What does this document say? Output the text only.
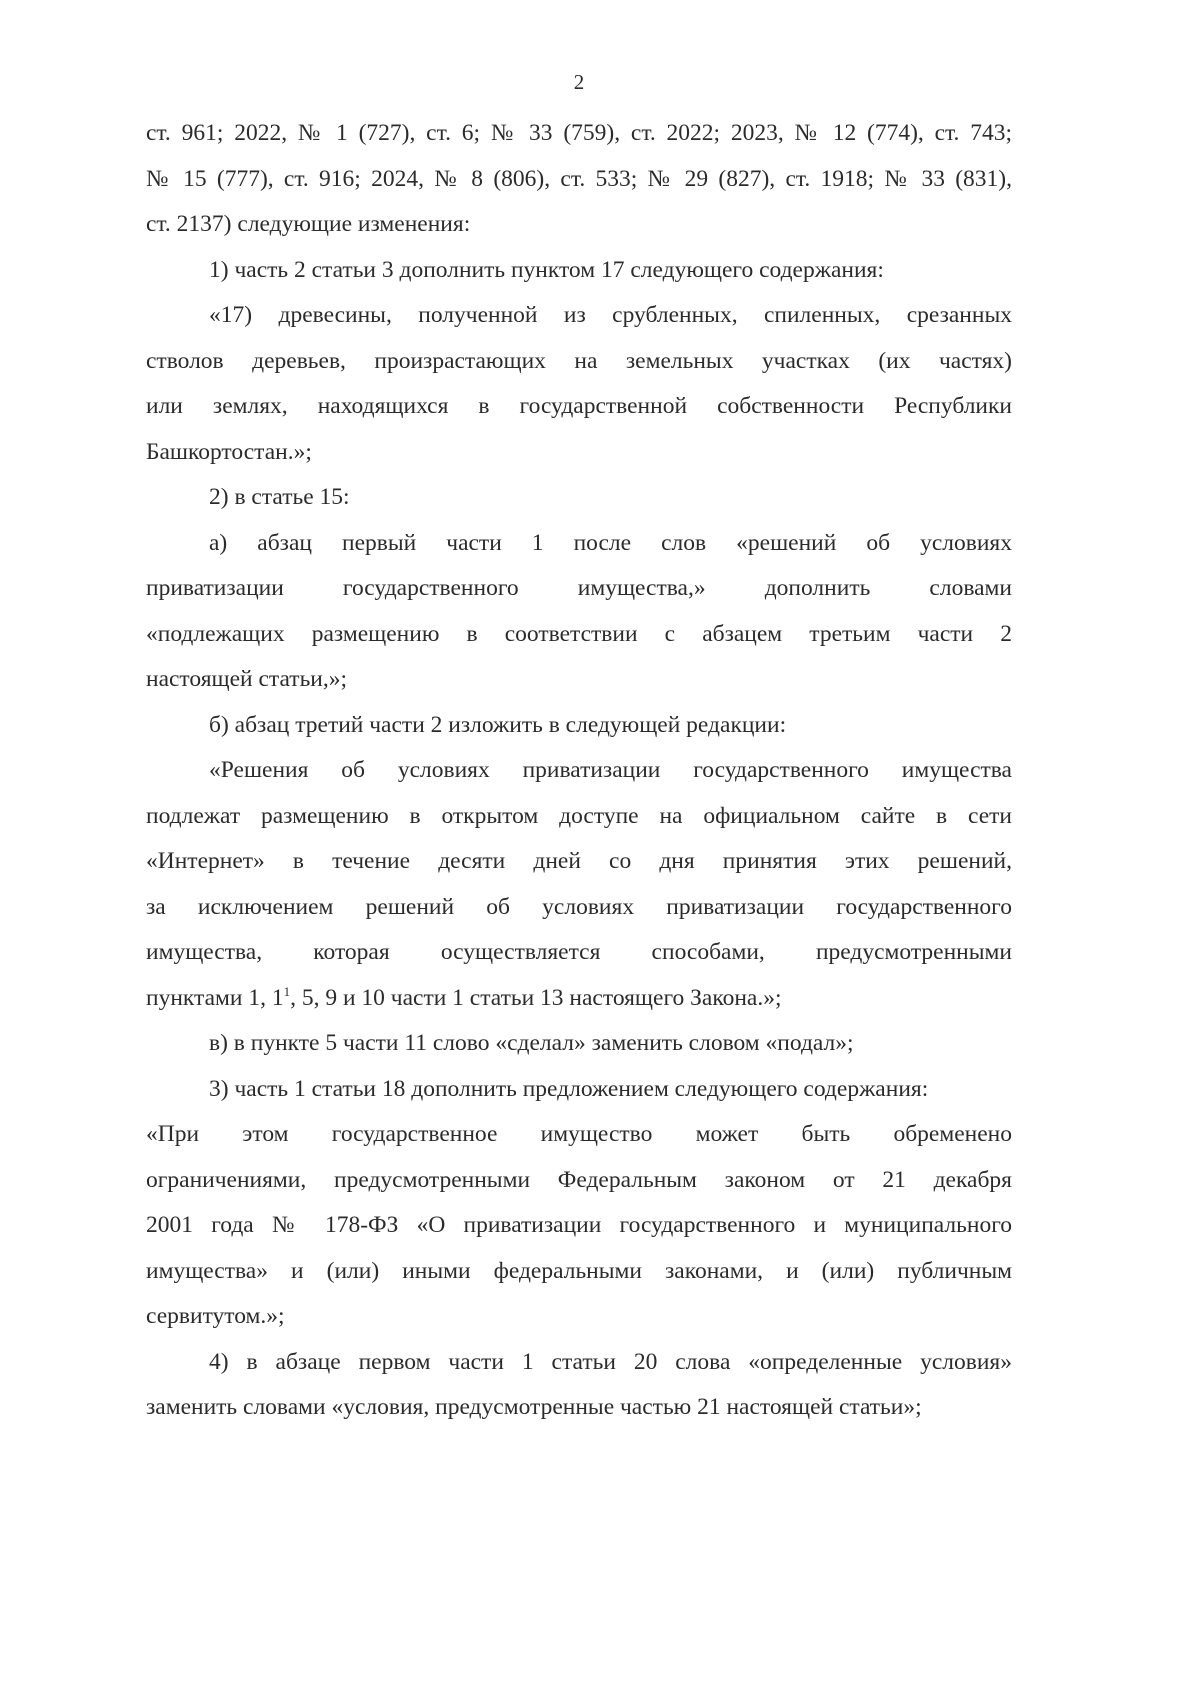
2
ст. 961; 2022, № 1 (727), ст. 6; № 33 (759), ст. 2022; 2023, № 12 (774), ст. 743;
№ 15 (777), ст. 916; 2024, № 8 (806), ст. 533; № 29 (827), ст. 1918; № 33 (831),
ст. 2137) следующие изменения:
1) часть 2 статьи 3 дополнить пунктом 17 следующего содержания:
«17) древесины, полученной из срубленных, спиленных, срезанных
стволов деревьев, произрастающих на земельных участках (их частях)
или землях, находящихся в государственной собственности Республики
Башкортостан.»;
2) в статье 15:
а) абзац первый части 1 после слов «решений об условиях
приватизации государственного имущества,» дополнить словами
«подлежащих размещению в соответствии с абзацем третьим части 2
настоящей статьи,»;
б) абзац третий части 2 изложить в следующей редакции:
«Решения об условиях приватизации государственного имущества
подлежат размещению в открытом доступе на официальном сайте в сети
«Интернет» в течение десяти дней со дня принятия этих решений,
за исключением решений об условиях приватизации государственного
имущества, которая осуществляется способами, предусмотренными
пунктами 1, $1^1$, 5, 9 и 10 части 1 статьи 13 настоящего Закона.»;
в) в пункте 5 части 11 слово «сделал» заменить словом «подал»;
3) часть 1 статьи 18 дополнить предложением следующего содержания:
«При этом государственное имущество может быть обременено
ограничениями, предусмотренными Федеральным законом от 21 декабря
2001 года № 178-ФЗ «О приватизации государственного и муниципального
имущества» и (или) иными федеральными законами, и (или) публичным
сервитутом.»;
4) в абзаце первом части 1 статьи 20 слова «определенные условия»
заменить словами «условия, предусмотренные частью 21 настоящей статьи»;
